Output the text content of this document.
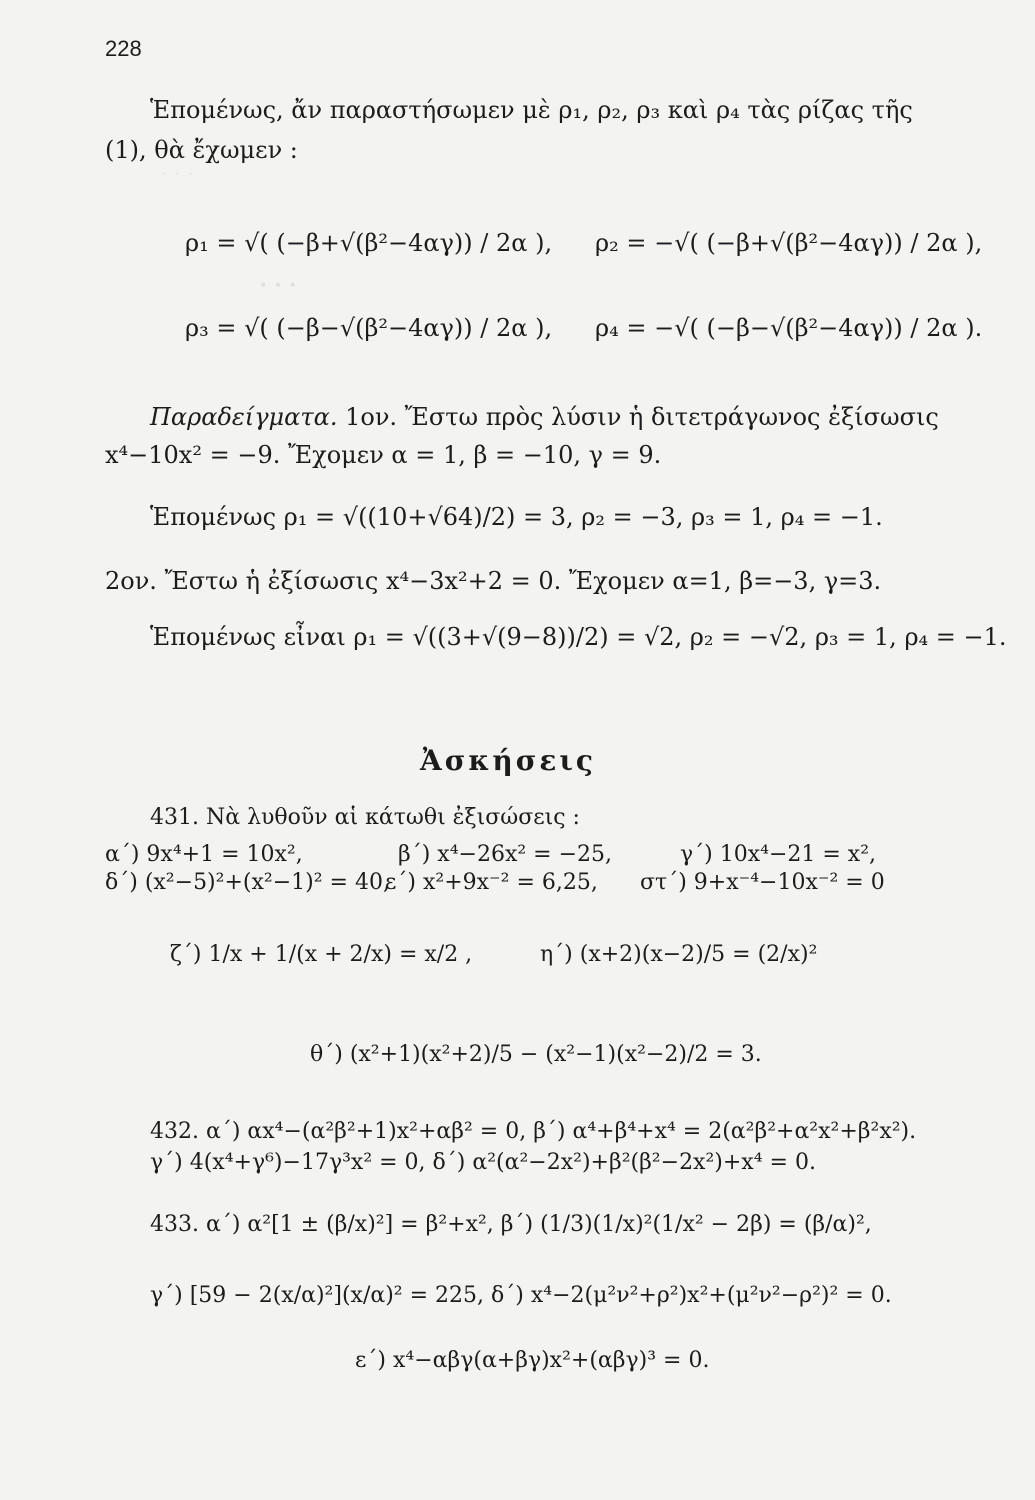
· · ·
· · ·
228
Ἑπομένως, ἄν παραστήσωμεν μὲ ρ₁, ρ₂, ρ₃ καὶ ρ₄ τὰς ρίζας τῆς
(1), θὰ ἔχωμεν :
ρ₁ = √( (−β+√(β²−4αγ)) / 2α ), ρ₂ = −√( (−β+√(β²−4αγ)) / 2α ),
ρ₃ = √( (−β−√(β²−4αγ)) / 2α ), ρ₄ = −√( (−β−√(β²−4αγ)) / 2α ).
Παραδείγματα. 1ον. Ἔστω πρὸς λύσιν ἡ διτετράγωνος ἐξίσωσις
x⁴−10x² = −9. Ἔχομεν α = 1, β = −10, γ = 9.
Ἑπομένως ρ₁ = √((10+√64)/2) = 3, ρ₂ = −3, ρ₃ = 1, ρ₄ = −1.
2ον. Ἔστω ἡ ἐξίσωσις x⁴−3x²+2 = 0. Ἔχομεν α=1, β=−3, γ=3.
Ἑπομένως εἶναι ρ₁ = √((3+√(9−8))/2) = √2, ρ₂ = −√2, ρ₃ = 1, ρ₄ = −1.
Ἀσκήσεις
431. Νὰ λυθοῦν αἱ κάτωθι ἐξισώσεις :
α΄) 9x⁴+1 = 10x²,	β΄) x⁴−26x² = −25,	γ΄) 10x⁴−21 = x²,
δ΄) (x²−5)²+(x²−1)² = 40,
ε΄) x²+9x⁻² = 6,25, στ΄) 9+x⁻⁴−10x⁻² = 0
ζ΄) 1/x + 1/(x + 2/x) = x/2 ,	η΄) (x+2)(x−2)/5 = (2/x)²
θ΄) (x²+1)(x²+2)/5 − (x²−1)(x²−2)/2 = 3.
432. α΄) αx⁴−(α²β²+1)x²+αβ² = 0, β΄) α⁴+β⁴+x⁴ = 2(α²β²+α²x²+β²x²).
γ΄) 4(x⁴+γ⁶)−17γ³x² = 0, δ΄) α²(α²−2x²)+β²(β²−2x²)+x⁴ = 0.
433. α΄) α²[1 ± (β/x)²] = β²+x², β΄) (1/3)(1/x)²(1/x² − 2β) = (β/α)²,
γ΄) [59 − 2(x/α)²](x/α)² = 225, δ΄) x⁴−2(μ²ν²+ρ²)x²+(μ²ν²−ρ²)² = 0.
ε΄) x⁴−αβγ(α+βγ)x²+(αβγ)³ = 0.
